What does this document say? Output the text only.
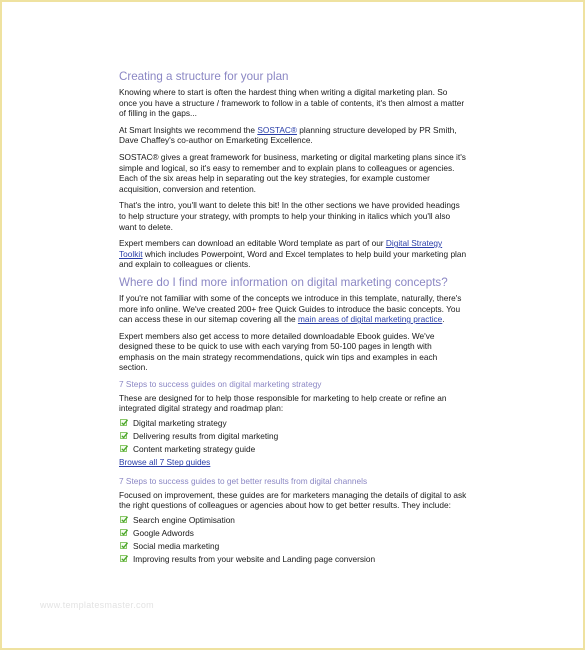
Creating a structure for your plan

Knowing where to start is often the hardest thing when writing a digital marketing plan. So once you have a structure / framework to follow in a table of contents, it's then almost a matter of filling in the gaps...

At Smart Insights we recommend the SOSTAC® planning structure developed by PR Smith, Dave Chaffey's co-author on Emarketing Excellence.

SOSTAC® gives a great framework for business, marketing or digital marketing plans since it's simple and logical, so it's easy to remember and to explain plans to colleagues or agencies. Each of the six areas help in separating out the key strategies, for example customer acquisition, conversion and retention.

That's the intro, you'll want to delete this bit! In the other sections we have provided headings to help structure your strategy, with prompts to help your thinking in italics which you'll also want to delete.

Expert members can download an editable Word template as part of our Digital Strategy Toolkit which includes Powerpoint, Word and Excel templates to help build your marketing plan and explain to colleagues or clients.

Where do I find more information on digital marketing concepts?

If you're not familiar with some of the concepts we introduce in this template, naturally, there's more info online. We've created 200+ free Quick Guides to introduce the basic concepts. You can access these in our sitemap covering all the main areas of digital marketing practice.

Expert members also get access to more detailed downloadable Ebook guides. We've designed these to be quick to use with each varying from 50-100 pages in length with emphasis on the main strategy recommendations, quick win tips and examples in each section.

7 Steps to success guides on digital marketing strategy

These are designed for to help those responsible for marketing to help create or refine an integrated digital strategy and roadmap plan:

Digital marketing strategy
Delivering results from digital marketing
Content marketing strategy guide
Browse all 7 Step guides
7 Steps to success guides to get better results from digital channels

Focused on improvement, these guides are for marketers managing the details of digital to ask the right questions of colleagues or agencies about how to get better results. They include:

Search engine Optimisation
Google Adwords
Social media marketing
Improving results from your website and Landing page conversion
www.templatesmaster.com
